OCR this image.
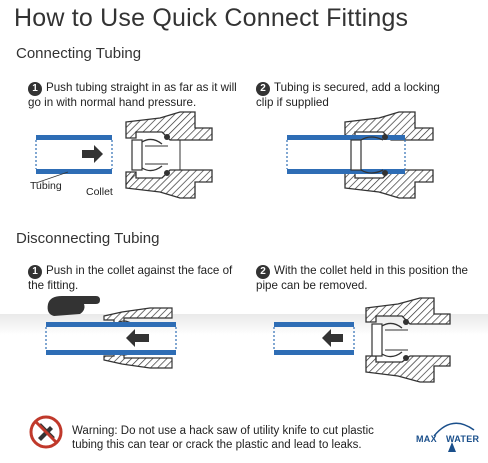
How to Use Quick Connect Fittings
Connecting Tubing
1 Push tubing straight in as far as it will go in with normal hand pressure.
2 Tubing is secured, add a locking clip if supplied
Tubing Collet
Disconnecting Tubing
1 Push in the collet against the face of the fitting.
2 With the collet held in this position the pipe can be removed.
Warning: Do not use a hack saw of utility knife to cut plastic tubing this can tear or crack the plastic and lead to leaks.	MAX WATER
